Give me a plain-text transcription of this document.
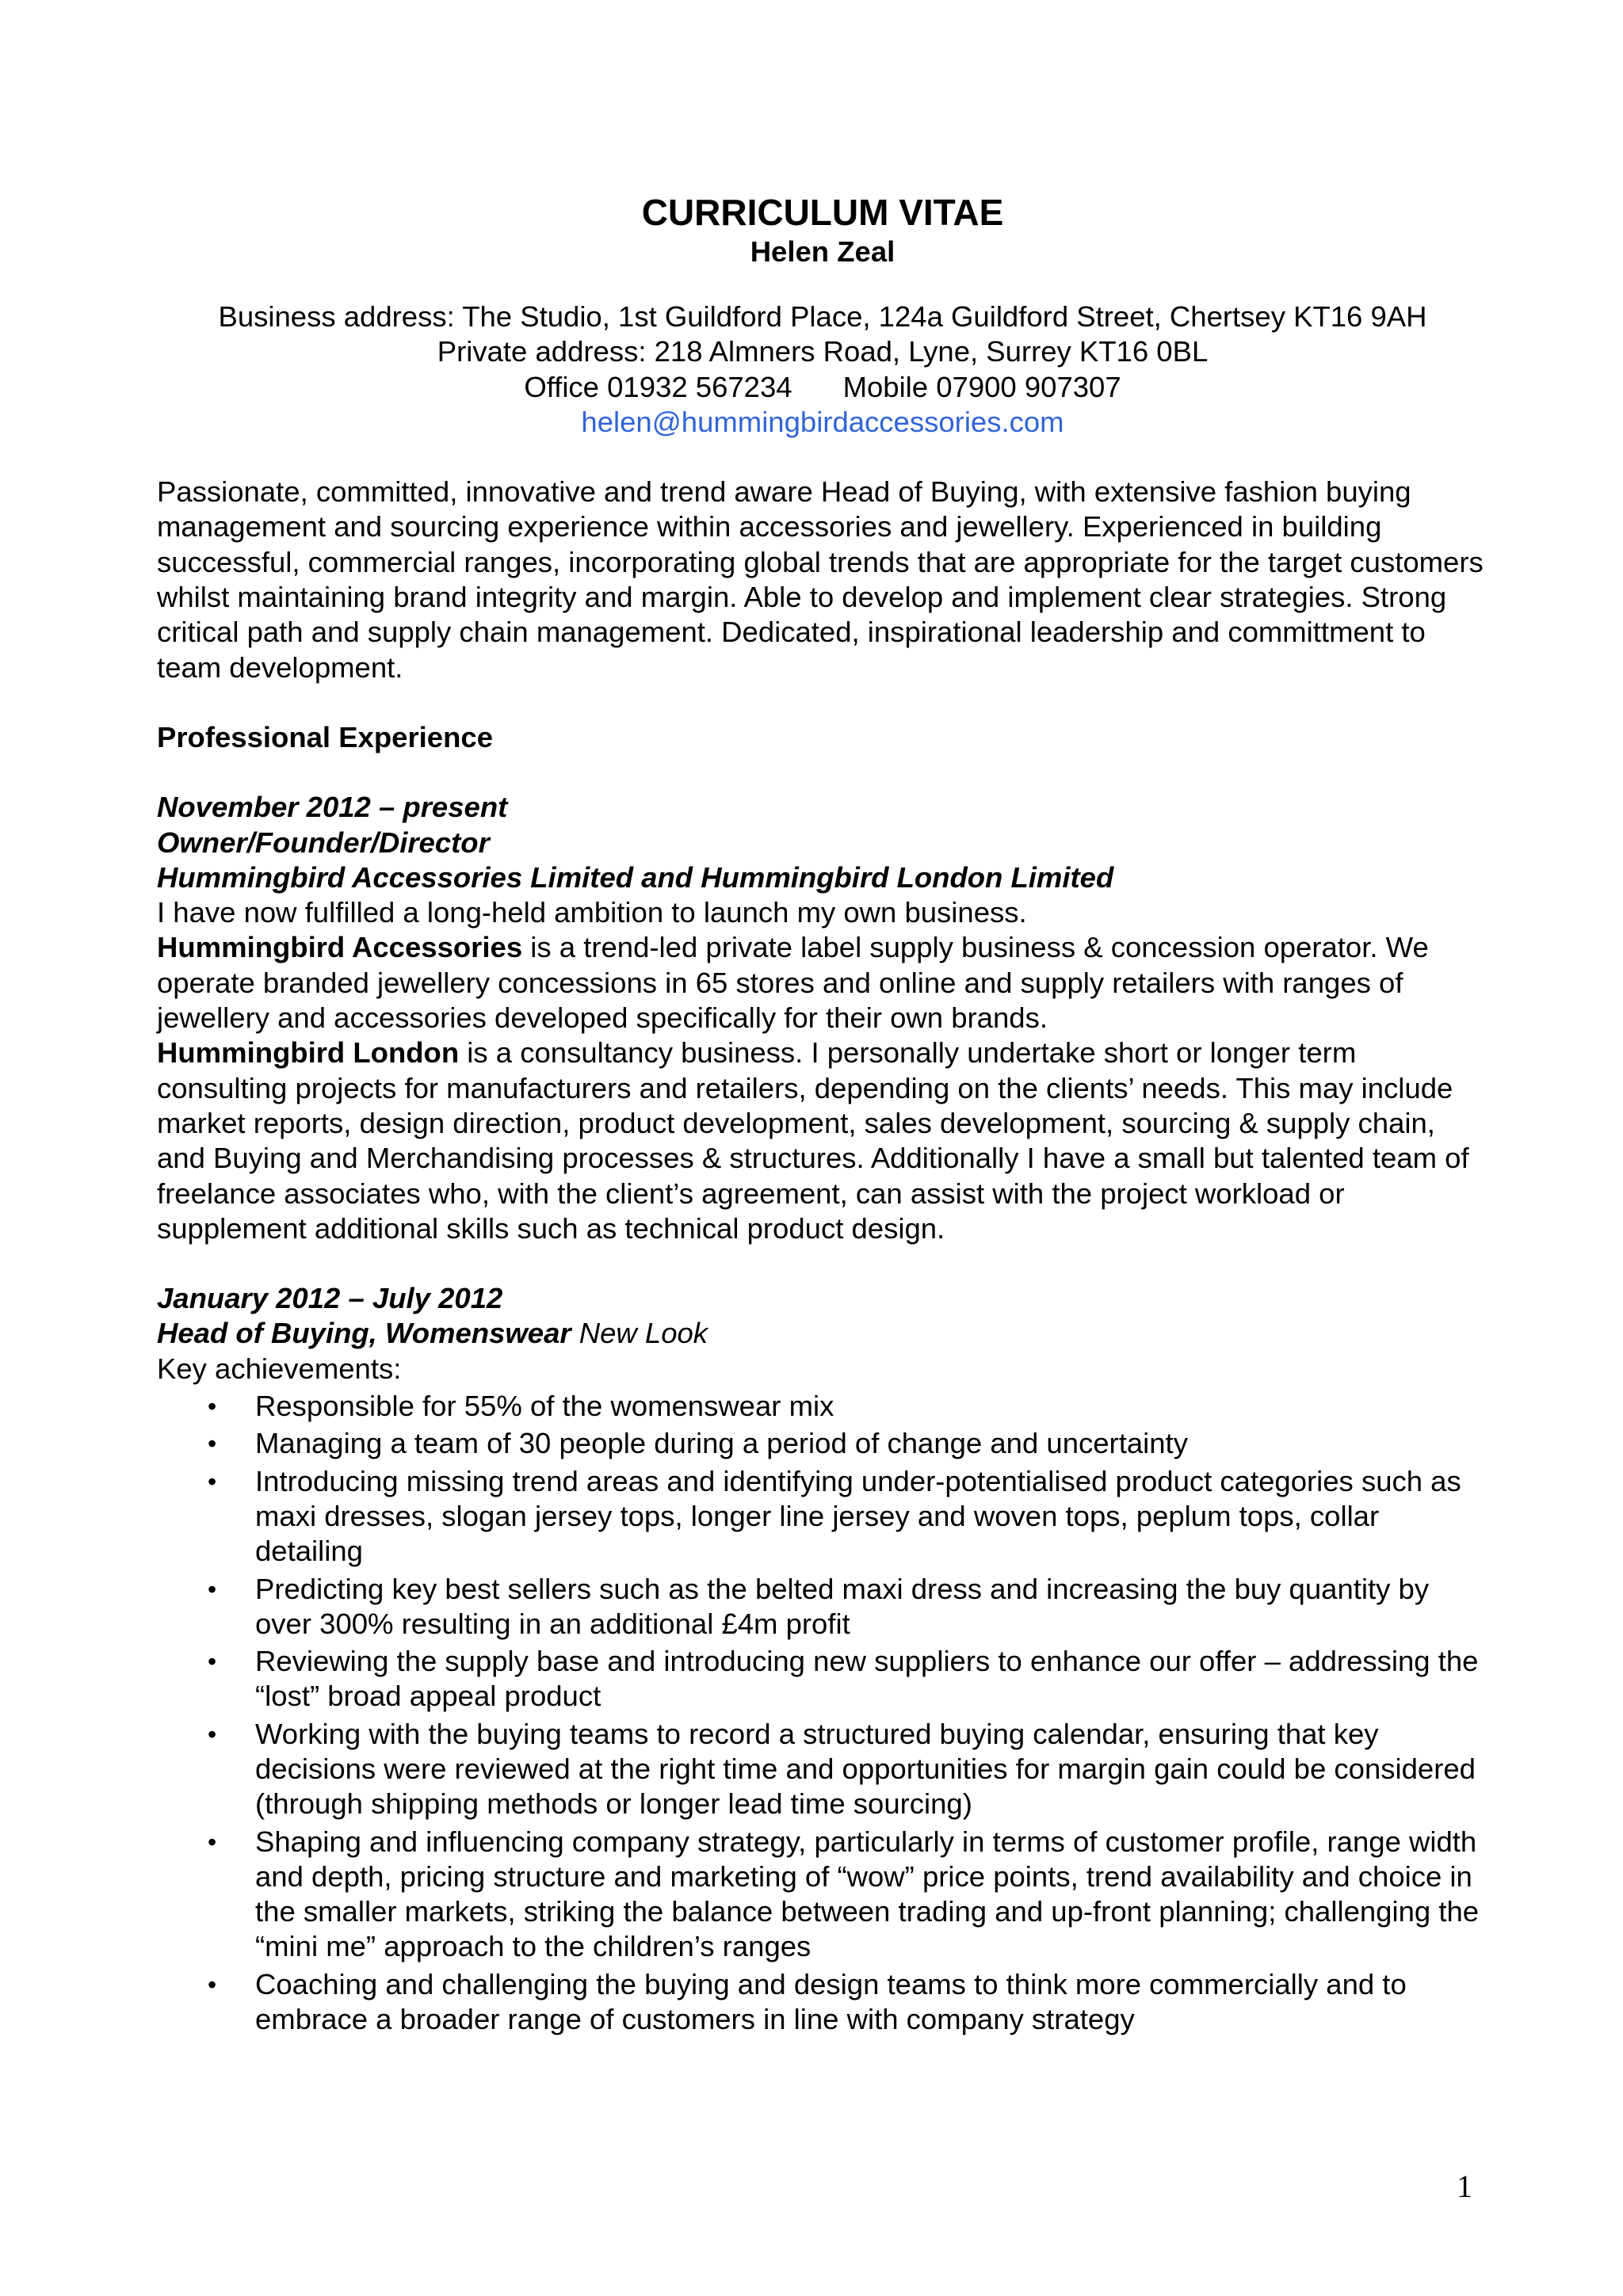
CURRICULUM VITAE
Helen Zeal
Business address: The Studio, 1st Guildford Place, 124a Guildford Street, Chertsey KT16 9AH
Private address: 218 Almners Road, Lyne, Surrey KT16 0BL
Office 01932 567234 Mobile 07900 907307
helen@hummingbirdaccessories.com

Passionate, committed, innovative and trend aware Head of Buying, with extensive fashion buying management and sourcing experience within accessories and jewellery. Experienced in building successful, commercial ranges, incorporating global trends that are appropriate for the target customers whilst maintaining brand integrity and margin. Able to develop and implement clear strategies. Strong critical path and supply chain management. Dedicated, inspirational leadership and committment to team development.

Professional Experience
November 2012 – present
Owner/Founder/Director
Hummingbird Accessories Limited and Hummingbird London Limited
I have now fulfilled a long-held ambition to launch my own business.
Hummingbird Accessories is a trend-led private label supply business & concession operator. We operate branded jewellery concessions in 65 stores and online and supply retailers with ranges of jewellery and accessories developed specifically for their own brands.
Hummingbird London is a consultancy business. I personally undertake short or longer term consulting projects for manufacturers and retailers, depending on the clients’ needs. This may include market reports, design direction, product development, sales development, sourcing & supply chain, and Buying and Merchandising processes & structures. Additionally I have a small but talented team of freelance associates who, with the client’s agreement, can assist with the project workload or supplement additional skills such as technical product design.
January 2012 – July 2012
Head of Buying, Womenswear New Look
Key achievements:
• Responsible for 55% of the womenswear mix
• Managing a team of 30 people during a period of change and uncertainty
• Introducing missing trend areas and identifying under-potentialised product categories such as maxi dresses, slogan jersey tops, longer line jersey and woven tops, peplum tops, collar detailing
• Predicting key best sellers such as the belted maxi dress and increasing the buy quantity by over 300% resulting in an additional £4m profit
• Reviewing the supply base and introducing new suppliers to enhance our offer – addressing the “lost” broad appeal product
• Working with the buying teams to record a structured buying calendar, ensuring that key decisions were reviewed at the right time and opportunities for margin gain could be considered (through shipping methods or longer lead time sourcing)
• Shaping and influencing company strategy, particularly in terms of customer profile, range width and depth, pricing structure and marketing of “wow” price points, trend availability and choice in the smaller markets, striking the balance between trading and up-front planning; challenging the “mini me” approach to the children’s ranges
• Coaching and challenging the buying and design teams to think more commercially and to embrace a broader range of customers in line with company strategy
1
